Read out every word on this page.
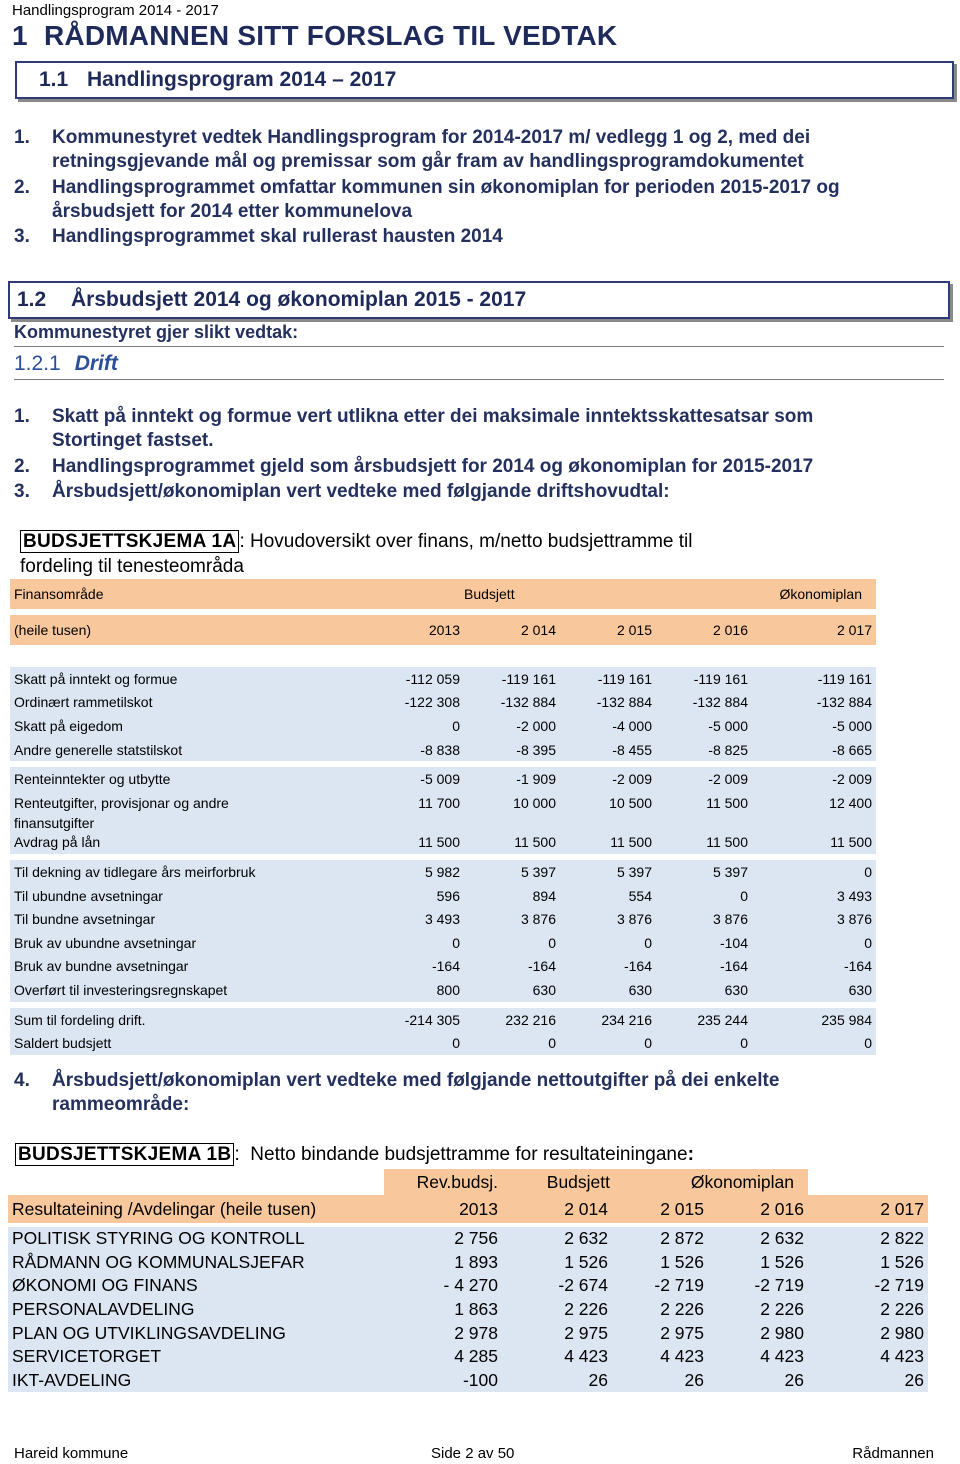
Handlingsprogram 2014 - 2017
1 RÅDMANNEN SITT FORSLAG TIL VEDTAK
1.1 Handlingsprogram 2014 – 2017
1. Kommunestyret vedtek Handlingsprogram for 2014-2017 m/ vedlegg 1 og 2, med dei
retningsgjevande mål og premissar som går fram av handlingsprogramdokumentet
2. Handlingsprogrammet omfattar kommunen sin økonomiplan for perioden 2015-2017 og
årsbudsjett for 2014 etter kommunelova
3. Handlingsprogrammet skal rullerast hausten 2014
1.2 Årsbudsjett 2014 og økonomiplan 2015 - 2017
Kommunestyret gjer slikt vedtak:
1.2.1 Drift
1. Skatt på inntekt og formue vert utlikna etter dei maksimale inntektsskattesatsar som
Stortinget fastset.
2. Handlingsprogrammet gjeld som årsbudsjett for 2014 og økonomiplan for 2015-2017
3. Årsbudsjett/økonomiplan vert vedteke med følgjande driftshovudtal:
BUDSJETTSKJEMA 1A : Hovudoversikt over finans, m/netto budsjettramme til
fordeling til tenesteområda
Finansområde		Budsjett		Økonomiplan	

(heile tusen)	2013	2 014	2 015	2 016	2 017

Skatt på inntekt og formue	-112 059	-119 161	-119 161	-119 161	-119 161
Ordinært rammetilskot	-122 308	-132 884	-132 884	-132 884	-132 884
Skatt på eigedom	0	-2 000	-4 000	-5 000	-5 000
Andre generelle statstilskot	-8 838	-8 395	-8 455	-8 825	-8 665

Renteinntekter og utbytte	-5 009	-1 909	-2 009	-2 009	-2 009
Renteutgifter, provisjonar og andre	11 700	10 000	10 500	11 500	12 400
finansutgifter					
Avdrag på lån	11 500	11 500	11 500	11 500	11 500

Til dekning av tidlegare års meirforbruk	5 982	5 397	5 397	5 397	0
Til ubundne avsetningar	596	894	554	0	3 493
Til bundne avsetningar	3 493	3 876	3 876	3 876	3 876
Bruk av ubundne avsetningar	0	0	0	-104	0
Bruk av bundne avsetningar	-164	-164	-164	-164	-164
Overført til investeringsregnskapet	800	630	630	630	630

Sum til fordeling drift.	-214 305	232 216	234 216	235 244	235 984
Saldert budsjett	0	0	0	0	0
4. Årsbudsjett/økonomiplan vert vedteke med følgjande nettoutgifter på dei enkelte
rammeområde:
BUDSJETTSKJEMA 1B : Netto bindande budsjettramme for resultateiningane:
	Rev.budsj.	Budsjett	Økonomiplan		
Resultateining /Avdelingar (heile tusen)	2013	2 014	2 015	2 016	2 017

POLITISK STYRING OG KONTROLL	2 756	2 632	2 872	2 632	2 822
RÅDMANN OG KOMMUNALSJEFAR	1 893	1 526	1 526	1 526	1 526
ØKONOMI OG FINANS	- 4 270	-2 674	-2 719	-2 719	-2 719
PERSONALAVDELING	1 863	2 226	2 226	2 226	2 226
PLAN OG UTVIKLINGSAVDELING	2 978	2 975	2 975	2 980	2 980
SERVICETORGET	4 285	4 423	4 423	4 423	4 423
IKT-AVDELING	-100	26	26	26	26
Hareid kommune	Side 2 av 50	Rådmannen
